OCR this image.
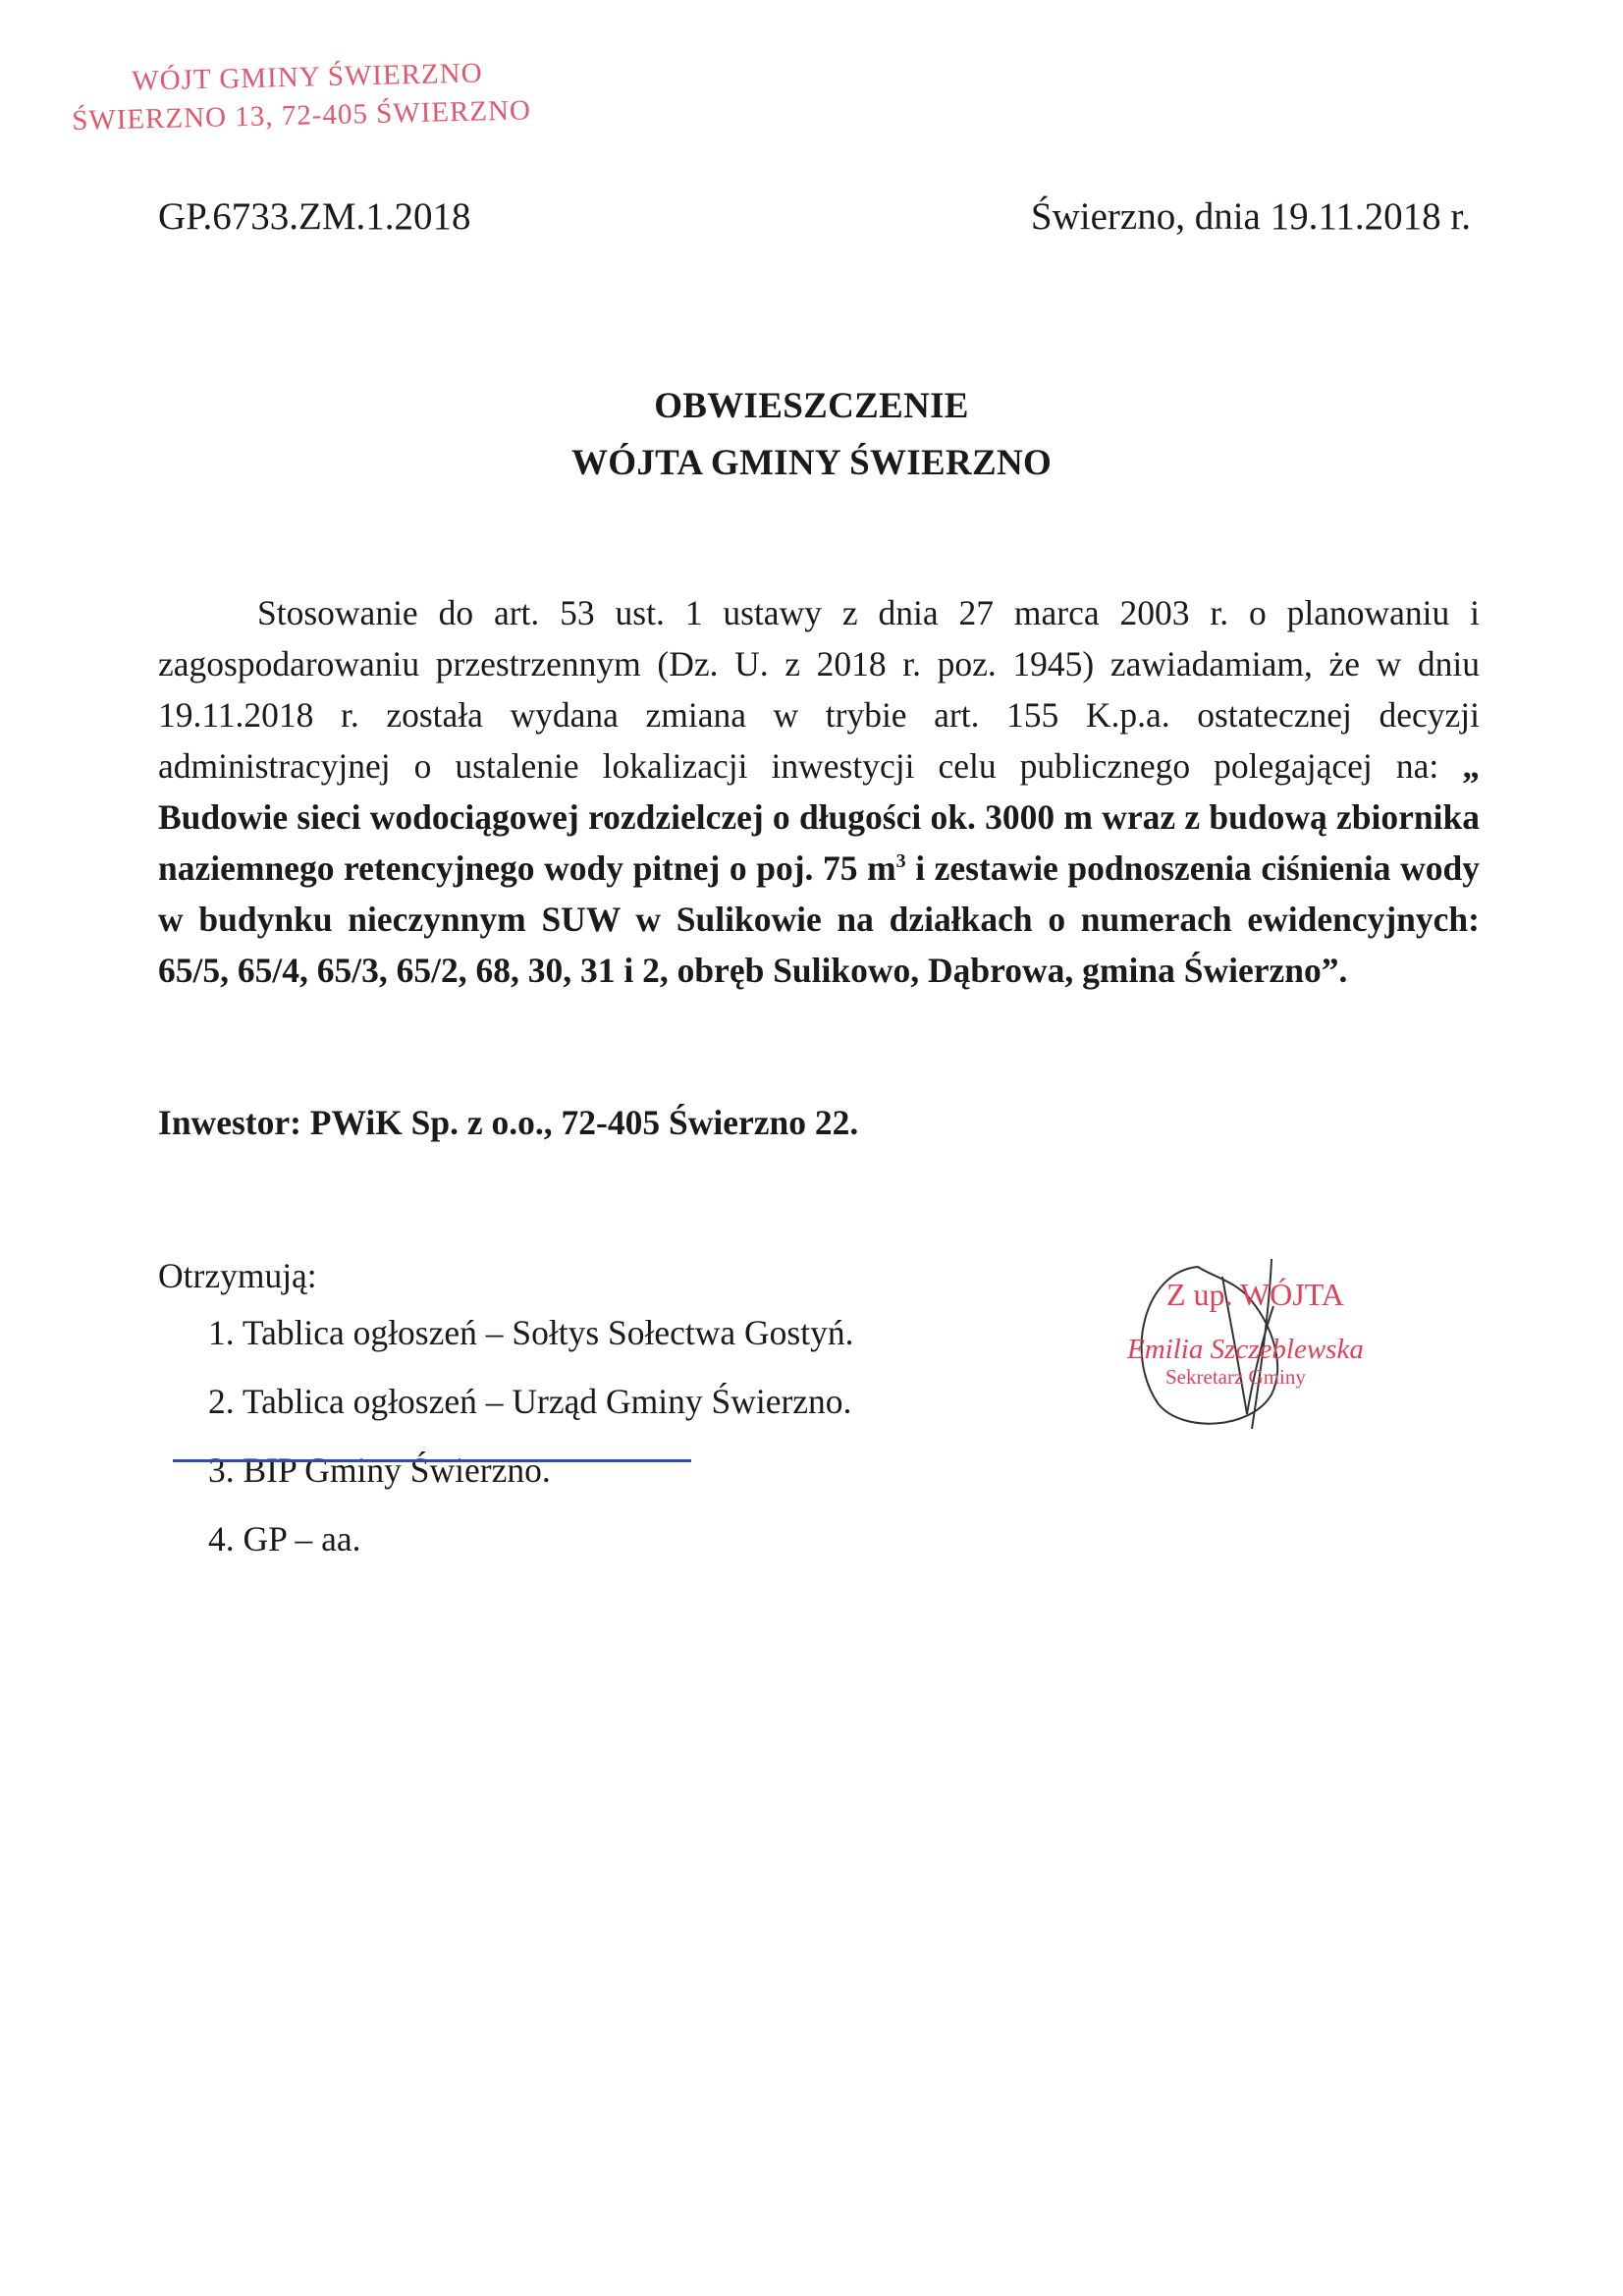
WÓJT GMINY ŚWIERZNO
ŚWIERZNO 13, 72-405 ŚWIERZNO
GP.6733.ZM.1.2018	Świerzno, dnia 19.11.2018 r.
OBWIESZCZENIE
WÓJTA GMINY ŚWIERZNO

Stosowanie do art. 53 ust. 1 ustawy z dnia 27 marca 2003 r. o planowaniu i zagospodarowaniu przestrzennym (Dz. U. z 2018 r. poz. 1945) zawiadamiam, że w dniu 19.11.2018 r. została wydana zmiana w trybie art. 155 K.p.a. ostatecznej decyzji administracyjnej o ustalenie lokalizacji inwestycji celu publicznego polegającej na: „ Budowie sieci wodociągowej rozdzielczej o długości ok. 3000 m wraz z budową zbiornika naziemnego retencyjnego wody pitnej o poj. 75 $m^3$ i zestawie podnoszenia ciśnienia wody w budynku nieczynnym SUW w Sulikowie na działkach o numerach ewidencyjnych: 65/5, 65/4, 65/3, 65/2, 68, 30, 31 i 2, obręb Sulikowo, Dąbrowa, gmina Świerzno”.

Inwestor: PWiK Sp. z o.o., 72-405 Świerzno 22.
Otrzymują:
1. Tablica ogłoszeń – Sołtys Sołectwa Gostyń.
2. Tablica ogłoszeń – Urząd Gminy Świerzno.
3. BIP Gminy Świerzno.
4. GP – aa.
Z up. WÓJTA
Emilia Szczeblewska
Sekretarz Gminy
